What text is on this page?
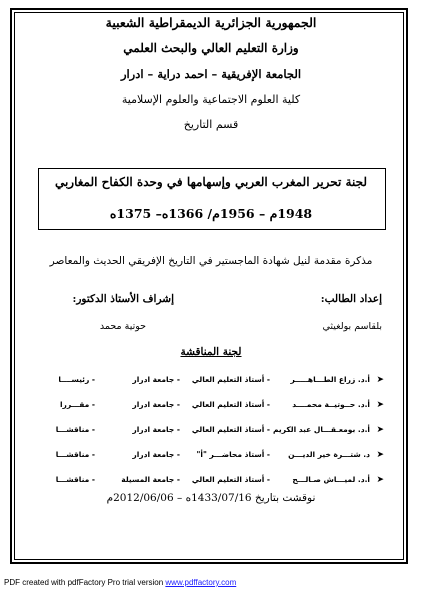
الجمهورية الجزائرية الديمقراطية الشعبية
وزارة التعليم العالي والبحث العلمي
الجامعة الإفريقية – احمد دراية – ادرار
كلية العلوم الاجتماعية والعلوم الإسلامية
قسم التاريخ
لجنة تحرير المغرب العربي وإسهامها في وحدة الكفاح المغاربي
1948م – 1956م/ 1366ه– 1375ه
مذكرة مقدمة لنيل شهادة الماجستير في التاريخ الإفريقي الحديث والمعاصر
إعداد الطالب:
بلقاسم بولغيثي
إشراف الأستاذ الدكتور:
حوتية محمد
لجنة المناقشة
➤
أ.د. زراع الطـــاهـــــر
- أستاذ التعليم العالي
- جامعة ادرار
- رئيســــا
➤
أ.د. حــوتيــة محمــــد
- أستاذ التعليم العالي
- جامعة ادرار
- مقـــررا
➤
أ.د. بومعـقـــال عبد الكريم
- أستاذ التعليم العالي
- جامعة ادرار
- مناقشـــا
➤
د. شتـــرة خير الديـــن
- أستاذ محاضـــر "أ"
- جامعة ادرار
- مناقشـــا
➤
أ.د. لميـــاش صـالـــح
- أستاذ التعليم العالي
- جامعة المسيلة
- مناقشـــا
نوقشت بتاريخ 1433/07/16ه – 2012/06/06م
PDF created with pdfFactory Pro trial version www.pdffactory.com
